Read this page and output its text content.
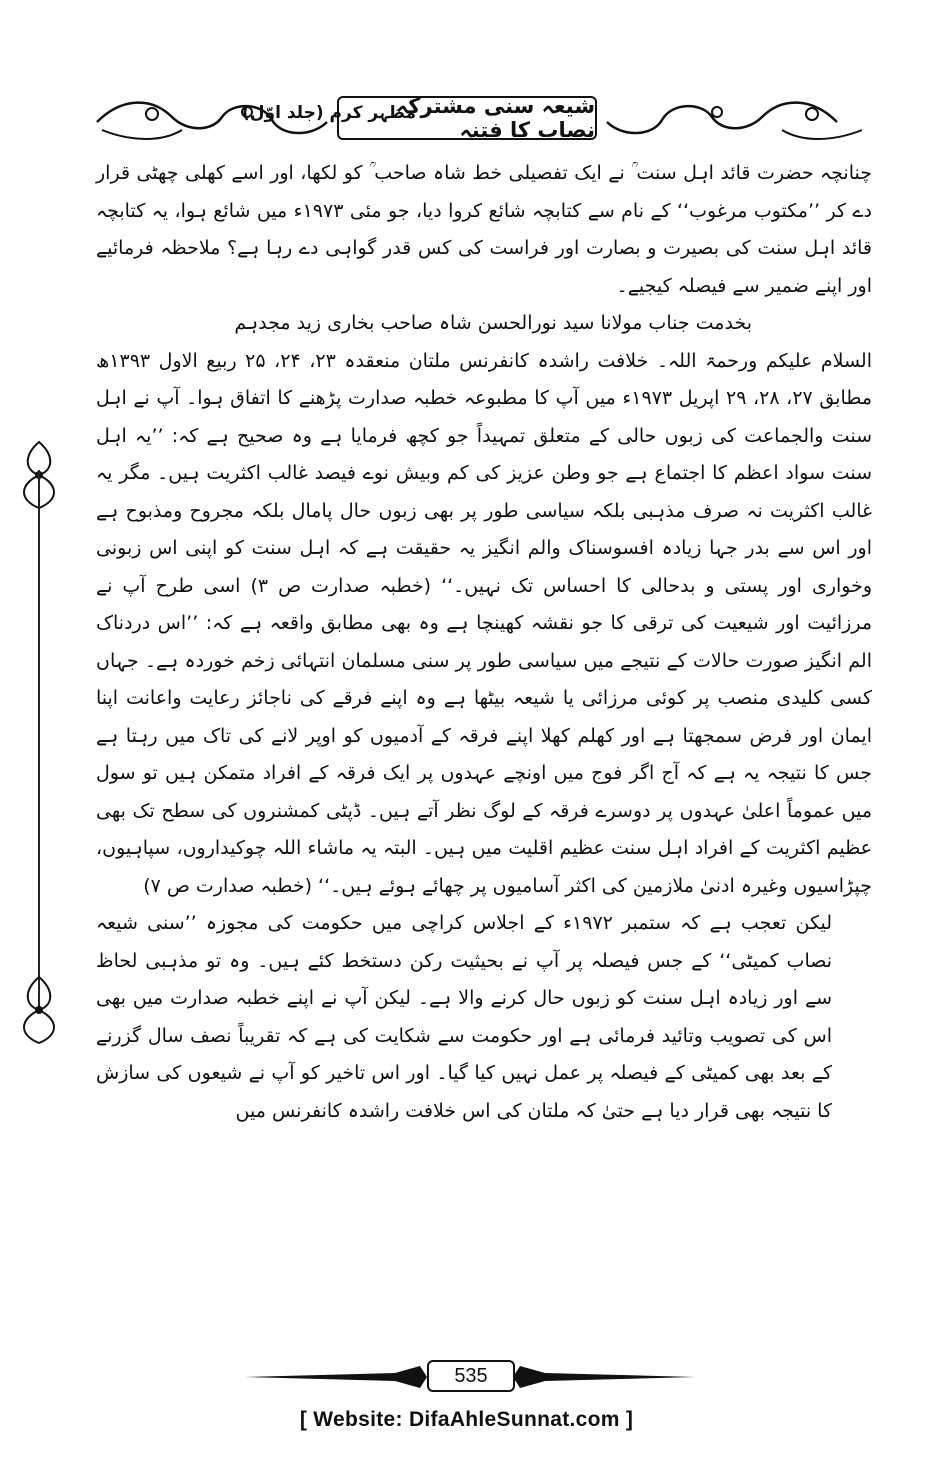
مظہر کرم (جلد اوّل)
شیعہ سنی مشترکہ نصاب کا فتنہ

چنانچہ حضرت قائد اہل سنت ؒ نے ایک تفصیلی خط شاہ صاحب ؒ کو لکھا، اور اسے کھلی چھٹی قرار دے کر ’’مکتوب مرغوب‘‘ کے نام سے کتابچہ شائع کروا دیا، جو مئی ۱۹۷۳ء میں شائع ہوا، یہ کتابچہ قائد اہل سنت کی بصیرت و بصارت اور فراست کی کس قدر گواہی دے رہا ہے؟ ملاحظہ فرمائیے اور اپنے ضمیر سے فیصلہ کیجیے۔

بخدمت جناب مولانا سید نورالحسن شاہ صاحب بخاری زید مجدہم

السلام علیکم ورحمۃ اللہ۔ خلافت راشدہ کانفرنس ملتان منعقدہ ۲۳، ۲۴، ۲۵ ربیع الاول ۱۳۹۳ھ مطابق ۲۷، ۲۸، ۲۹ اپریل ۱۹۷۳ء میں آپ کا مطبوعہ خطبہ صدارت پڑھنے کا اتفاق ہوا۔ آپ نے اہل سنت والجماعت کی زبوں حالی کے متعلق تمہیداً جو کچھ فرمایا ہے وہ صحیح ہے کہ: ’’یہ اہل سنت سواد اعظم کا اجتماع ہے جو وطن عزیز کی کم وبیش نوے فیصد غالب اکثریت ہیں۔ مگر یہ غالب اکثریت نہ صرف مذہبی بلکہ سیاسی طور پر بھی زبوں حال پامال بلکہ مجروح ومذبوح ہے اور اس سے بدر جہا زیادہ افسوسناک والم انگیز یہ حقیقت ہے کہ اہل سنت کو اپنی اس زبونی وخواری اور پستی و بدحالی کا احساس تک نہیں۔‘‘ (خطبہ صدارت ص ۳) اسی طرح آپ نے مرزائیت اور شیعیت کی ترقی کا جو نقشہ کھینچا ہے وہ بھی مطابق واقعہ ہے کہ: ’’اس دردناک الم انگیز صورت حالات کے نتیجے میں سیاسی طور پر سنی مسلمان انتہائی زخم خوردہ ہے۔ جہاں کسی کلیدی منصب پر کوئی مرزائی یا شیعہ بیٹھا ہے وہ اپنے فرقے کی ناجائز رعایت واعانت اپنا ایمان اور فرض سمجھتا ہے اور کھلم کھلا اپنے فرقہ کے آدمیوں کو اوپر لانے کی تاک میں رہتا ہے جس کا نتیجہ یہ ہے کہ آج اگر فوج میں اونچے عہدوں پر ایک فرقہ کے افراد متمکن ہیں تو سول میں عموماً اعلیٰ عہدوں پر دوسرے فرقہ کے لوگ نظر آتے ہیں۔ ڈپٹی کمشنروں کی سطح تک بھی عظیم اکثریت کے افراد اہل سنت عظیم اقلیت میں ہیں۔ البتہ یہ ماشاء اللہ چوکیداروں، سپاہیوں، چپڑاسیوں وغیرہ ادنیٰ ملازمین کی اکثر آسامیوں پر چھائے ہوئے ہیں۔‘‘ (خطبہ صدارت ص ۷)

لیکن تعجب ہے کہ ستمبر ۱۹۷۲ء کے اجلاس کراچی میں حکومت کی مجوزہ ’’سنی شیعہ نصاب کمیٹی‘‘ کے جس فیصلہ پر آپ نے بحیثیت رکن دستخط کئے ہیں۔ وہ تو مذہبی لحاظ سے اور زیادہ اہل سنت کو زبوں حال کرنے والا ہے۔ لیکن آپ نے اپنے خطبہ صدارت میں بھی اس کی تصویب وتائید فرمائی ہے اور حکومت سے شکایت کی ہے کہ تقریباً نصف سال گزرنے کے بعد بھی کمیٹی کے فیصلہ پر عمل نہیں کیا گیا۔ اور اس تاخیر کو آپ نے شیعوں کی سازش کا نتیجہ بھی قرار دیا ہے حتیٰ کہ ملتان کی اس خلافت راشدہ کانفرنس میں

535
[ Website: DifaAhleSunnat.com ]
